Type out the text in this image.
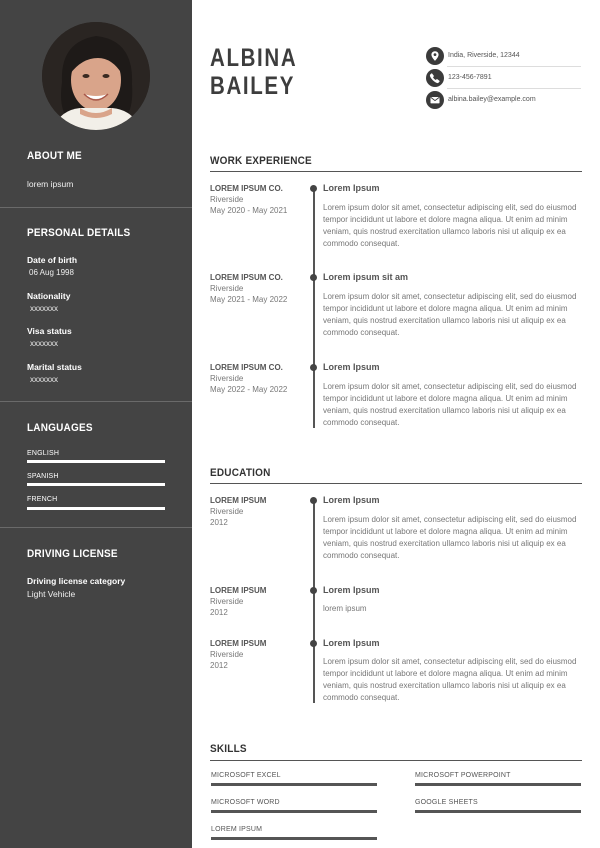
ABOUT ME
lorem ipsum
PERSONAL DETAILS
Date of birth
06 Aug 1998
Nationality
xxxxxxx
Visa status
xxxxxxx
Marital status
xxxxxxx
LANGUAGES
ENGLISH
SPANISH
FRENCH
DRIVING LICENSE
Driving license category
Light Vehicle
ALBINA
BAILEY
India, Riverside, 12344
123-456-7891
albina.bailey@example.com
WORK EXPERIENCE
LOREM IPSUM CO.
Riverside
May 2020 - May 2021
Lorem Ipsum
Lorem ipsum dolor sit amet, consectetur adipiscing elit, sed do eiusmod tempor incididunt ut labore et dolore magna aliqua. Ut enim ad minim veniam, quis nostrud exercitation ullamco laboris nisi ut aliquip ex ea commodo consequat.
LOREM IPSUM CO.
Riverside
May 2021 - May 2022
Lorem ipsum sit am
Lorem ipsum dolor sit amet, consectetur adipiscing elit, sed do eiusmod tempor incididunt ut labore et dolore magna aliqua. Ut enim ad minim veniam, quis nostrud exercitation ullamco laboris nisi ut aliquip ex ea commodo consequat.
LOREM IPSUM CO.
Riverside
May 2022 - May 2022
Lorem Ipsum
Lorem ipsum dolor sit amet, consectetur adipiscing elit, sed do eiusmod tempor incididunt ut labore et dolore magna aliqua. Ut enim ad minim veniam, quis nostrud exercitation ullamco laboris nisi ut aliquip ex ea commodo consequat.
EDUCATION
LOREM IPSUM
Riverside
2012
Lorem Ipsum
Lorem ipsum dolor sit amet, consectetur adipiscing elit, sed do eiusmod tempor incididunt ut labore et dolore magna aliqua. Ut enim ad minim veniam, quis nostrud exercitation ullamco laboris nisi ut aliquip ex ea commodo consequat.
LOREM IPSUM
Riverside
2012
Lorem Ipsum
lorem ipsum
LOREM IPSUM
Riverside
2012
Lorem Ipsum
Lorem ipsum dolor sit amet, consectetur adipiscing elit, sed do eiusmod tempor incididunt ut labore et dolore magna aliqua. Ut enim ad minim veniam, quis nostrud exercitation ullamco laboris nisi ut aliquip ex ea commodo consequat.
SKILLS
MICROSOFT EXCEL	MICROSOFT POWERPOINT
MICROSOFT WORD	GOOGLE SHEETS
LOREM IPSUM
